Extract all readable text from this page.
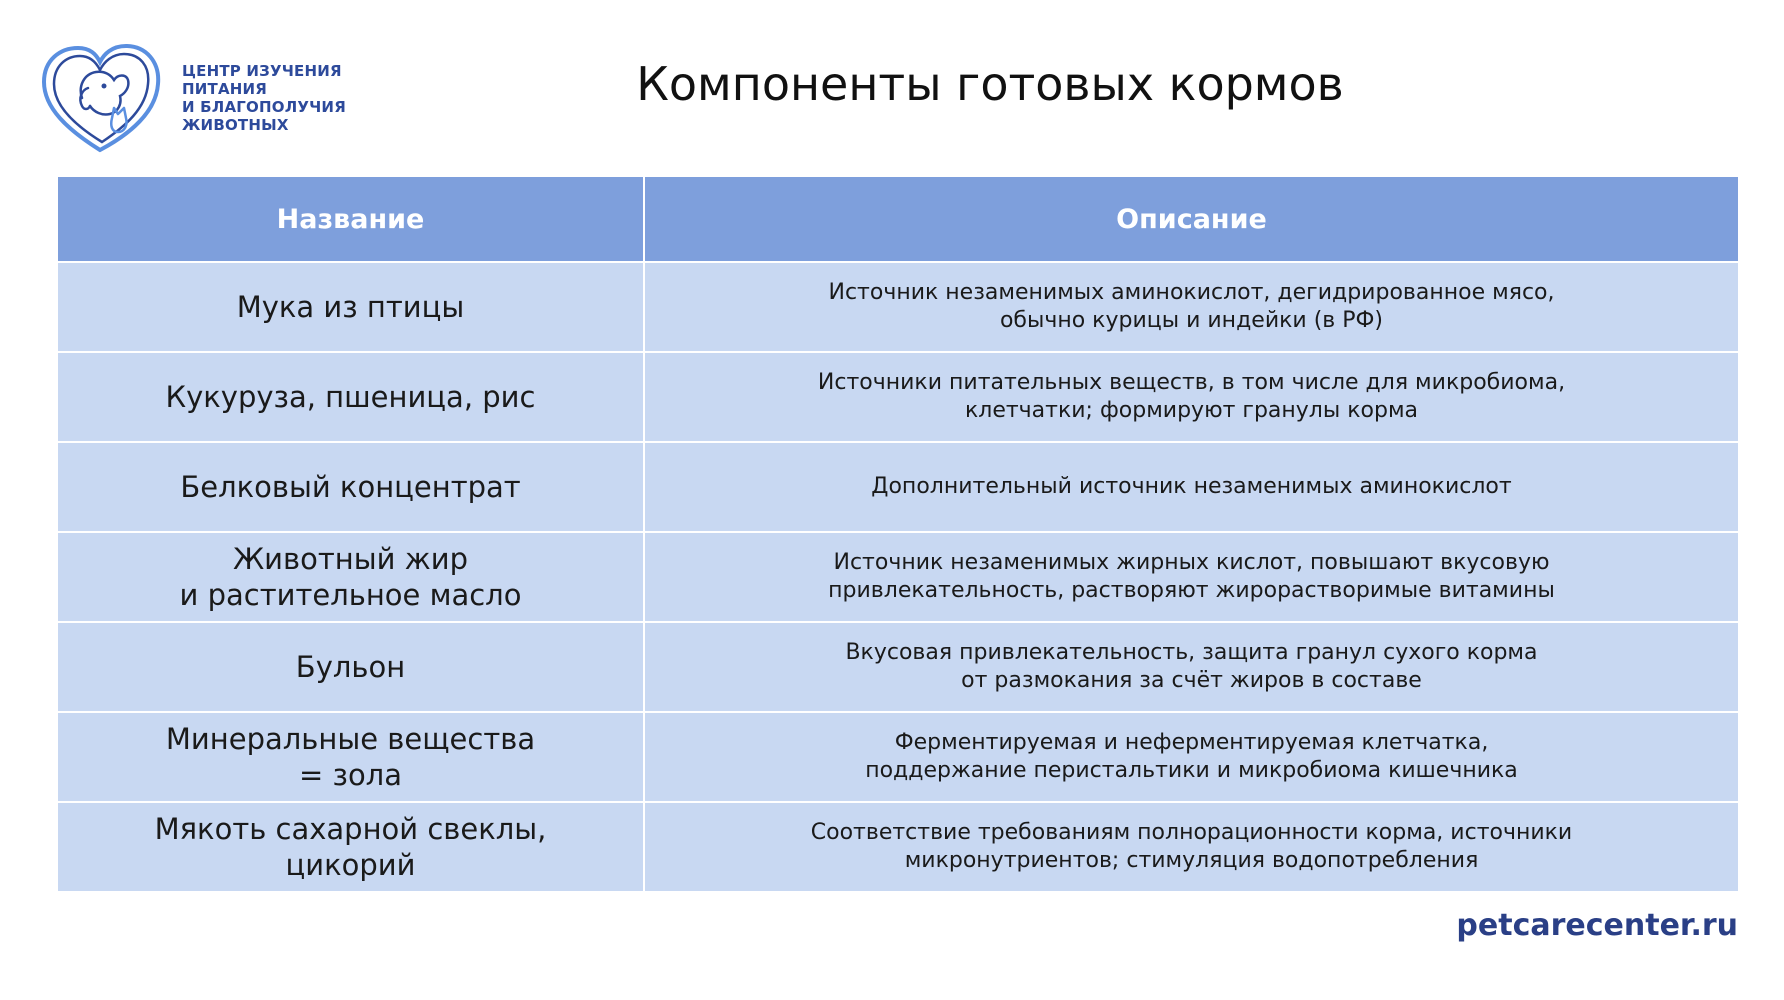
ЦЕНТР ИЗУЧЕНИЯ
ПИТАНИЯ
И БЛАГОПОЛУЧИЯ
ЖИВОТНЫХ
Компоненты готовых кормов
Название	Описание

Мука из птицы	Источник незаменимых аминокислот, дегидрированное мясо,
обычно курицы и индейки (в РФ)

Кукуруза, пшеница, рис	Источники питательных веществ, в том числе для микробиома,
клетчатки; формируют гранулы корма

Белковый концентрат	Дополнительный источник незаменимых аминокислот

Животный жир
и растительное масло	Источник незаменимых жирных кислот, повышают вкусовую
привлекательность, растворяют жирорастворимые витамины

Бульон	Вкусовая привлекательность, защита гранул сухого корма
от размокания за счёт жиров в составе

Минеральные вещества
= зола	Ферментируемая и неферментируемая клетчатка,
поддержание перистальтики и микробиома кишечника

Мякоть сахарной свеклы,
цикорий	Соответствие требованиям полнорационности корма, источники
микронутриентов; стимуляция водопотребления
petcarecenter.ru
